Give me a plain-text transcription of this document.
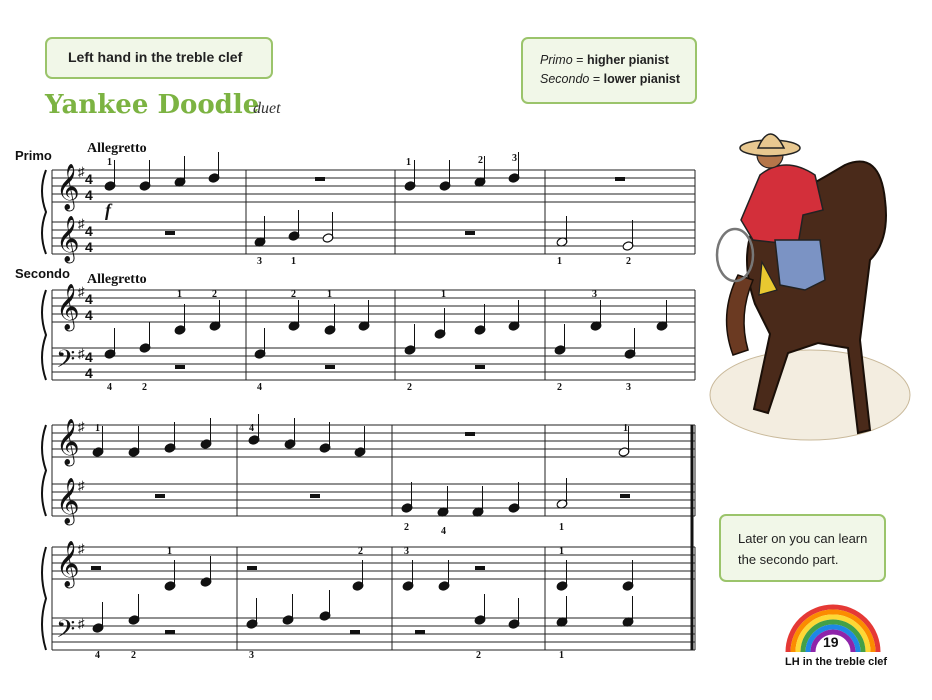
Left hand in the treble clef	Primo = higher pianist
Secondo = lower pianist
Yankee Doodle
duet
Primo
Secondo
Allegretto
Allegretto
𝄞
♯ 4
4
𝄞
♯ 4
4
𝄞
♯ 4
4
𝄢 ♯ 4
4
𝄞
♯
𝄞
♯
𝄞
♯
𝄢 ♯
1	1	2	3
3	1	1	2
1	2	2	1	1	3
4	2	4	2	2	3
1	4	1
2	4	1
1	2	3	1
4	2	3	2	1
f
Later on you can learn the secondo part.
19
LH in the treble clef
